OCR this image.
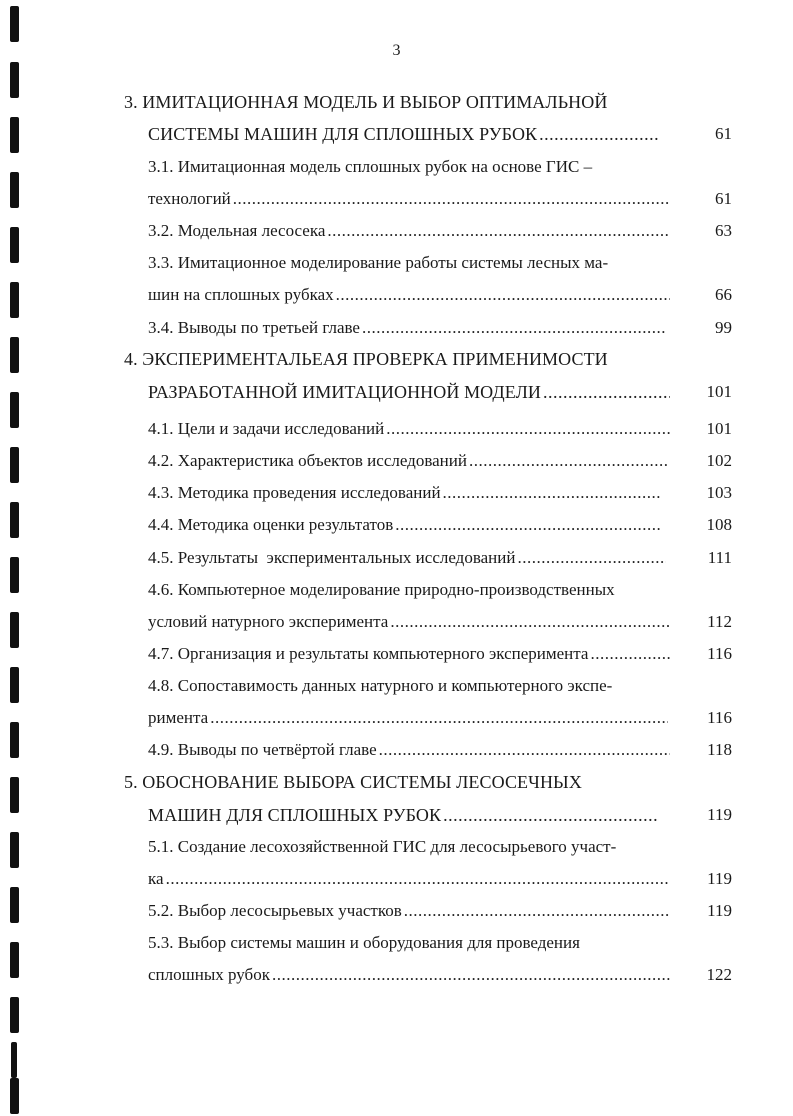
3
3. ИМИТАЦИОННАЯ МОДЕЛЬ И ВЫБОР ОПТИМАЛЬНОЙ
СИСТЕМЫ МАШИН ДЛЯ СПЛОШНЫХ РУБОК .....	61
3.1. Имитационная модель сплошных рубок на основе ГИС –
технологий .....	61
3.2. Модельная лесосека .....	63
3.3. Имитационное моделирование работы системы лесных ма-
шин на сплошных рубках .....	66
3.4. Выводы по третьей главе .....	99
4. ЭКСПЕРИМЕНТАЛЬЕАЯ ПРОВЕРКА ПРИМЕНИМОСТИ
РАЗРАБОТАННОЙ ИМИТАЦИОННОЙ МОДЕЛИ .....	101
4.1. Цели и задачи исследований .....	101
4.2. Характеристика объектов исследований .....	102
4.3. Методика проведения исследований .....	103
4.4. Методика оценки результатов .....	108
4.5. Результаты  экспериментальных исследований .....	111
4.6. Компьютерное моделирование природно-производственных
условий натурного эксперимента .....	112
4.7. Организация и результаты компьютерного эксперимента .....	116
4.8. Сопоставимость данных натурного и компьютерного экспе-
римента .....	116
4.9. Выводы по четвёртой главе .....	118
5. ОБОСНОВАНИЕ ВЫБОРА СИСТЕМЫ ЛЕСОСЕЧНЫХ
МАШИН ДЛЯ СПЛОШНЫХ РУБОК .....	119
5.1. Создание лесохозяйственной ГИС для лесосырьевого участ-
ка .....	119
5.2. Выбор лесосырьевых участков .....	119
5.3. Выбор системы машин и оборудования для проведения
сплошных рубок .....	122
